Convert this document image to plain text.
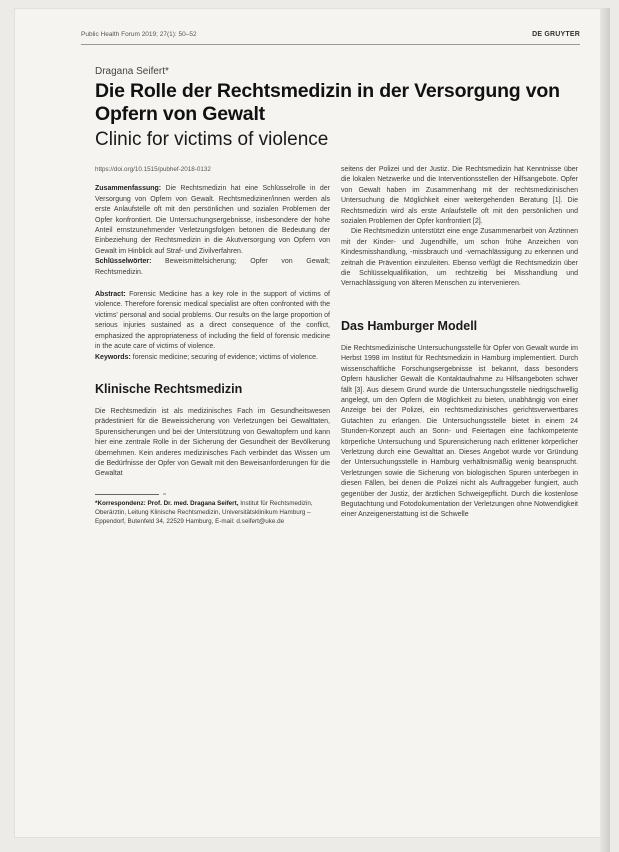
Public Health Forum 2019; 27(1): 50–52	DE GRUYTER
Dragana Seifert*
Die Rolle der Rechtsmedizin in der Versorgung von Opfern von Gewalt
Clinic for victims of violence
https://doi.org/10.1515/pubhef-2018-0132

Zusammenfassung: Die Rechtsmedizin hat eine Schlüsselrolle in der Versorgung von Opfern von Gewalt. Rechtsmediziner/innen werden als erste Anlaufstelle oft mit den persönlichen und sozialen Problemen der Opfer konfrontiert. Die Untersuchungsergebnisse, insbesondere der hohe Anteil ernstzunehmender Verletzungsfolgen betonen die Bedeutung der Einbeziehung der Rechtsmedizin in die Akutversorgung von Opfern von Gewalt im Hinblick auf Straf- und Zivilverfahren.

Schlüsselwörter: Beweismittelsicherung; Opfer von Gewalt; Rechtsmedizin.

Abstract: Forensic Medicine has a key role in the support of victims of violence. Therefore forensic medical specialist are often confronted with the victims' personal and social problems. Our results on the large proportion of serious injuries sustained as a direct consequence of the conflict, emphasized the appropriateness of including the field of forensic medicine in the acute care of victims of violence.

Keywords: forensic medicine; securing of evidence; victims of violence.

Klinische Rechtsmedizin

Die Rechtsmedizin ist als medizinisches Fach im Gesundheitswesen prädestiniert für die Beweissicherung von Verletzungen bei Gewalttaten, Spurensicherungen und bei der Unterstützung von Gewaltopfern und kann hier eine zentrale Rolle in der Sicherung der Gesundheit der Bevölkerung übernehmen. Kein anderes medizinisches Fach verbindet das Wissen um die Bedürfnisse der Opfer von Gewalt mit den Beweisanforderungen für die Gewaltat

*Korrespondenz: Prof. Dr. med. Dragana Seifert, Institut für Rechtsmedizin, Oberärztin, Leitung Klinische Rechtsmedizin, Universitätsklinikum Hamburg – Eppendorf, Butenfeld 34, 22529 Hamburg, E-mail: d.seifert@uke.de

seitens der Polizei und der Justiz. Die Rechtsmedizin hat Kenntnisse über die lokalen Netzwerke und die Interventionsstellen der Hilfsangebote. Opfer von Gewalt haben im Zusammenhang mit der rechtsmedizinischen Untersuchung die Möglichkeit einer weitergehenden Beratung [1]. Die Rechtsmedizin wird als erste Anlaufstelle oft mit den persönlichen und sozialen Problemen der Opfer konfrontiert [2].

Die Rechtsmedizin unterstützt eine enge Zusammenarbeit von Ärztinnen mit der Kinder- und Jugendhilfe, um schon frühe Anzeichen von Kindesmisshandlung, -missbrauch und -vernachlässigung zu erkennen und zeitnah die Prävention einzuleiten. Ebenso verfügt die Rechtsmedizin über die Schlüsselqualifikation, um rechtzeitig bei Misshandlung und Vernachlässigung von älteren Menschen zu intervenieren.

Das Hamburger Modell

Die Rechtsmedizinische Untersuchungsstelle für Opfer von Gewalt wurde im Herbst 1998 im Institut für Rechtsmedizin in Hamburg implementiert. Durch wissenschaftliche Forschungsergebnisse ist bekannt, dass besonders Opfern häuslicher Gewalt die Kontaktaufnahme zu Hilfsangeboten schwer fällt [3]. Aus diesem Grund wurde die Untersuchungsstelle niedrigschwellig angelegt, um den Opfern die Möglichkeit zu bieten, unabhängig von einer Anzeige bei der Polizei, ein rechtsmedizinisches gerichtsverwertbares Gutachten zu erlangen. Die Untersuchungsstelle bietet in einem 24 Stunden-Konzept auch an Sonn- und Feiertagen eine fachkompetente körperliche Untersuchung und Spurensicherung nach erlittener körperlicher Verletzung durch eine Gewalttat an. Dieses Angebot wurde vor Gründung der Untersuchungsstelle in Hamburg verhältnismäßig wenig beansprucht. Verletzungen sowie die Sicherung von biologischen Spuren unterbegen in diesen Fällen, bei denen die Polizei nicht als Auftraggeber fungiert, auch gegenüber der Justiz, der ärztlichen Schweigepflicht. Durch die kostenlose Begutachtung und Fotodokumentation der Verletzungen ohne Notwendigkeit einer Anzeigenerstattung ist die Schwelle
